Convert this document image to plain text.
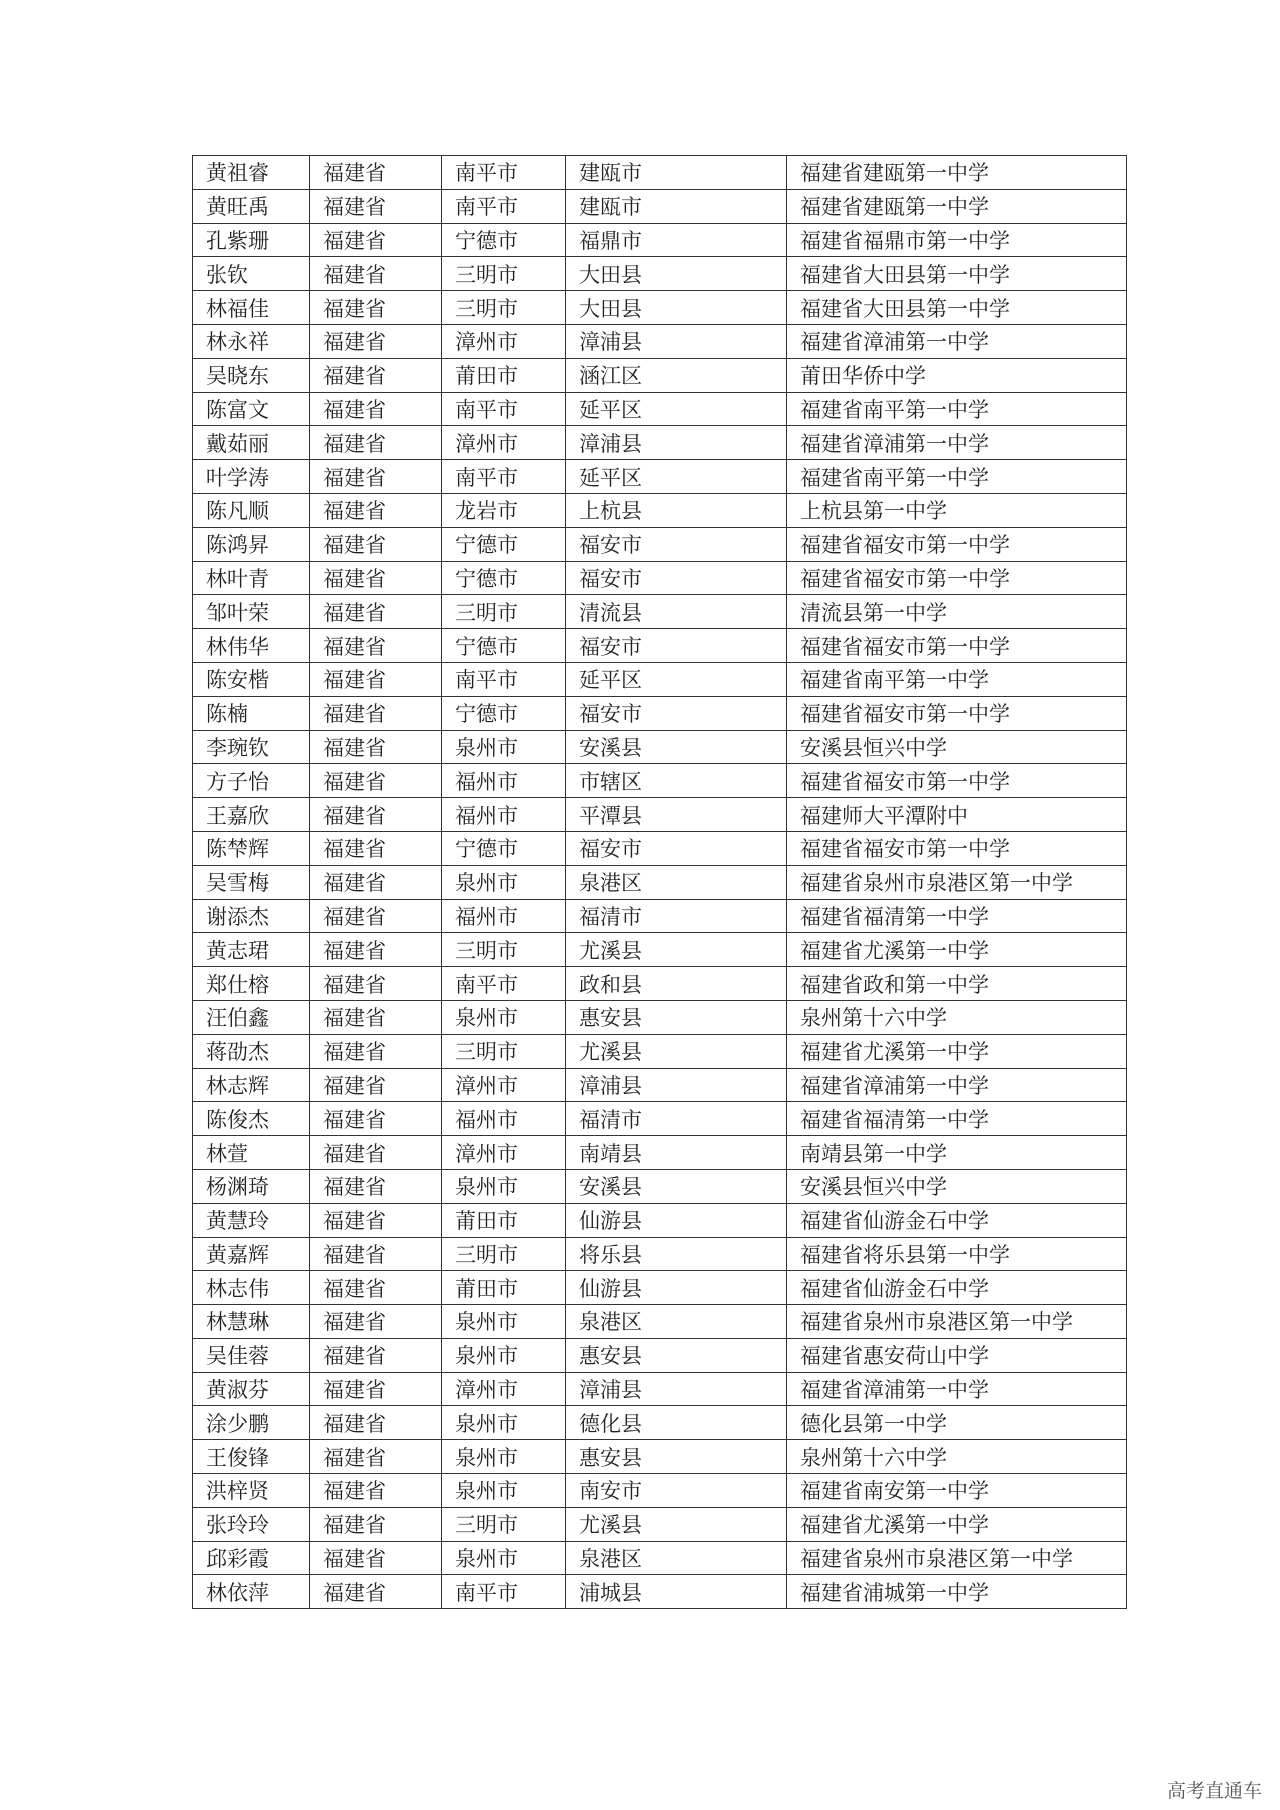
黄祖睿	福建省	南平市	建瓯市	福建省建瓯第一中学
黄旺禹	福建省	南平市	建瓯市	福建省建瓯第一中学
孔紫珊	福建省	宁德市	福鼎市	福建省福鼎市第一中学
张钦	福建省	三明市	大田县	福建省大田县第一中学
林福佳	福建省	三明市	大田县	福建省大田县第一中学
林永祥	福建省	漳州市	漳浦县	福建省漳浦第一中学
吴晓东	福建省	莆田市	涵江区	莆田华侨中学
陈富文	福建省	南平市	延平区	福建省南平第一中学
戴茹丽	福建省	漳州市	漳浦县	福建省漳浦第一中学
叶学涛	福建省	南平市	延平区	福建省南平第一中学
陈凡顺	福建省	龙岩市	上杭县	上杭县第一中学
陈鸿昇	福建省	宁德市	福安市	福建省福安市第一中学
林叶青	福建省	宁德市	福安市	福建省福安市第一中学
邹叶荣	福建省	三明市	清流县	清流县第一中学
林伟华	福建省	宁德市	福安市	福建省福安市第一中学
陈安楷	福建省	南平市	延平区	福建省南平第一中学
陈楠	福建省	宁德市	福安市	福建省福安市第一中学
李琬钦	福建省	泉州市	安溪县	安溪县恒兴中学
方子怡	福建省	福州市	市辖区	福建省福安市第一中学
王嘉欣	福建省	福州市	平潭县	福建师大平潭附中
陈梺辉	福建省	宁德市	福安市	福建省福安市第一中学
吴雪梅	福建省	泉州市	泉港区	福建省泉州市泉港区第一中学
谢添杰	福建省	福州市	福清市	福建省福清第一中学
黄志珺	福建省	三明市	尤溪县	福建省尤溪第一中学
郑仕榕	福建省	南平市	政和县	福建省政和第一中学
汪伯鑫	福建省	泉州市	惠安县	泉州第十六中学
蒋劭杰	福建省	三明市	尤溪县	福建省尤溪第一中学
林志辉	福建省	漳州市	漳浦县	福建省漳浦第一中学
陈俊杰	福建省	福州市	福清市	福建省福清第一中学
林萱	福建省	漳州市	南靖县	南靖县第一中学
杨渊琦	福建省	泉州市	安溪县	安溪县恒兴中学
黄慧玲	福建省	莆田市	仙游县	福建省仙游金石中学
黄嘉辉	福建省	三明市	将乐县	福建省将乐县第一中学
林志伟	福建省	莆田市	仙游县	福建省仙游金石中学
林慧琳	福建省	泉州市	泉港区	福建省泉州市泉港区第一中学
吴佳蓉	福建省	泉州市	惠安县	福建省惠安荷山中学
黄淑芬	福建省	漳州市	漳浦县	福建省漳浦第一中学
涂少鹏	福建省	泉州市	德化县	德化县第一中学
王俊锋	福建省	泉州市	惠安县	泉州第十六中学
洪梓贤	福建省	泉州市	南安市	福建省南安第一中学
张玲玲	福建省	三明市	尤溪县	福建省尤溪第一中学
邱彩霞	福建省	泉州市	泉港区	福建省泉州市泉港区第一中学
林依萍	福建省	南平市	浦城县	福建省浦城第一中学
高考直通车
